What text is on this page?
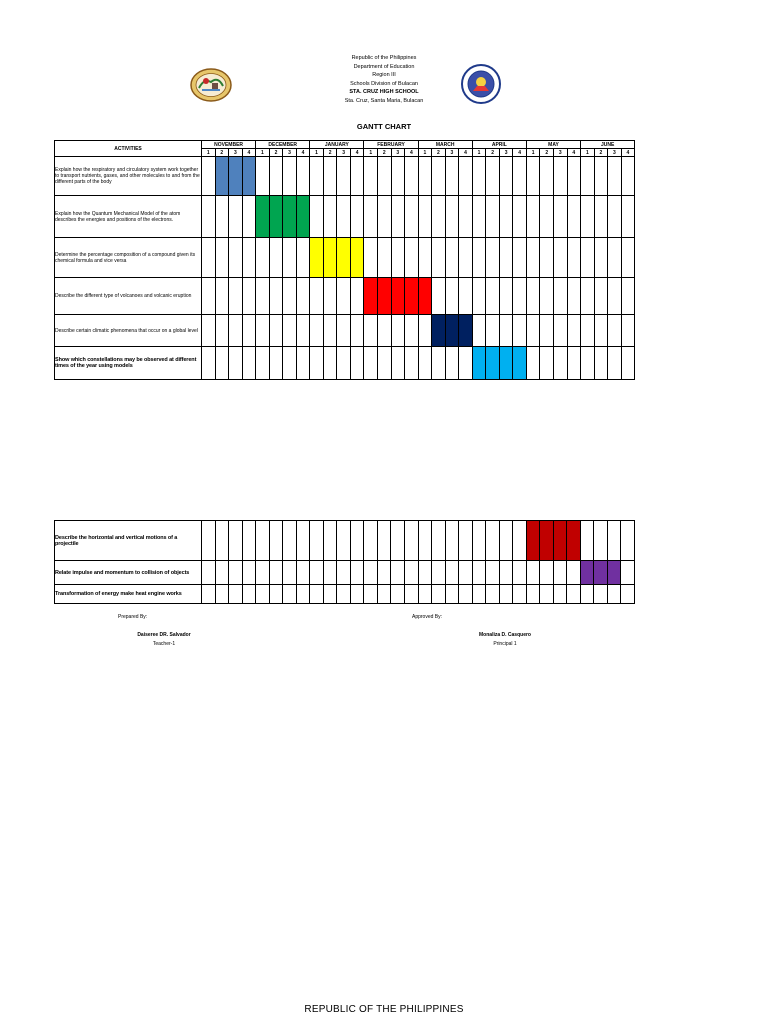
Republic of the Philippines
Department of Education
Region III
Schools Division of Bulacan
STA. CRUZ HIGH SCHOOL
Sta. Cruz, Santa Maria, Bulacan
GANTT CHART
ACTIVITIES	NOVEMBER				DECEMBER				JANUARY				FEBRUARY				MARCH				APRIL				MAY				JUNE			
	1	2	3	4	1	2	3	4	1	2	3	4	1	2	3	4	1	2	3	4	1	2	3	4	1	2	3	4	1	2	3	4
Explain how the respiratory and circulatory system work together to transport nutrients, gases, and other molecules to and from the different parts of the body																																
Explain how the Quantum Mechanical Model of the atom describes the energies and positions of the electrons.																																
Determine the percentage composition of a compound given its chemical formula and vice versa																																
Describe the different type of volcanoes and volcanic eruption																																
Describe certain climatic phenomena that occur on a global level																																
Show which constellations may be observed at different times of the year using models																																
Describe the horizontal and vertical motions of a projectile																																
Relate impulse and momentum to collision of objects																																
Transformation of energy make heat engine works																																
Prepared By:
Daiseree DR. Salvador
Teacher-1
Approved By:
Monaliza D. Casquero
Principal 1
REPUBLIC OF THE PHILIPPINES
